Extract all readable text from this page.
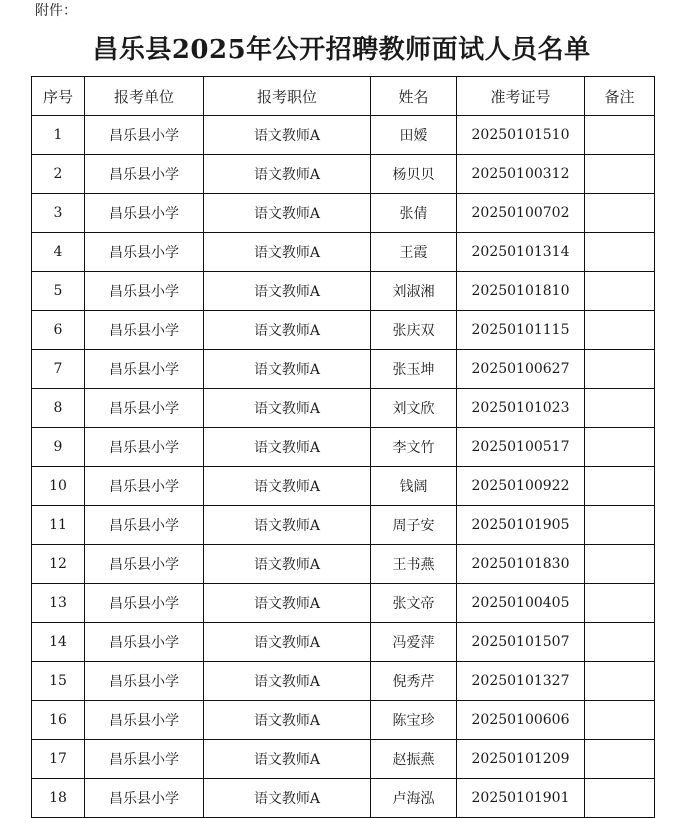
附件：
昌乐县2025年公开招聘教师面试人员名单
序号	报考单位	报考职位	姓名	准考证号	备注
1	昌乐县小学	语文教师A	田嫒	20250101510	
2	昌乐县小学	语文教师A	杨贝贝	20250100312	
3	昌乐县小学	语文教师A	张倩	20250100702	
4	昌乐县小学	语文教师A	王霞	20250101314	
5	昌乐县小学	语文教师A	刘淑湘	20250101810	
6	昌乐县小学	语文教师A	张庆双	20250101115	
7	昌乐县小学	语文教师A	张玉坤	20250100627	
8	昌乐县小学	语文教师A	刘文欣	20250101023	
9	昌乐县小学	语文教师A	李文竹	20250100517	
10	昌乐县小学	语文教师A	钱阔	20250100922	
11	昌乐县小学	语文教师A	周子安	20250101905	
12	昌乐县小学	语文教师A	王书燕	20250101830	
13	昌乐县小学	语文教师A	张文帝	20250100405	
14	昌乐县小学	语文教师A	冯爱萍	20250101507	
15	昌乐县小学	语文教师A	倪秀芹	20250101327	
16	昌乐县小学	语文教师A	陈宝珍	20250100606	
17	昌乐县小学	语文教师A	赵振燕	20250101209	
18	昌乐县小学	语文教师A	卢海泓	20250101901	
